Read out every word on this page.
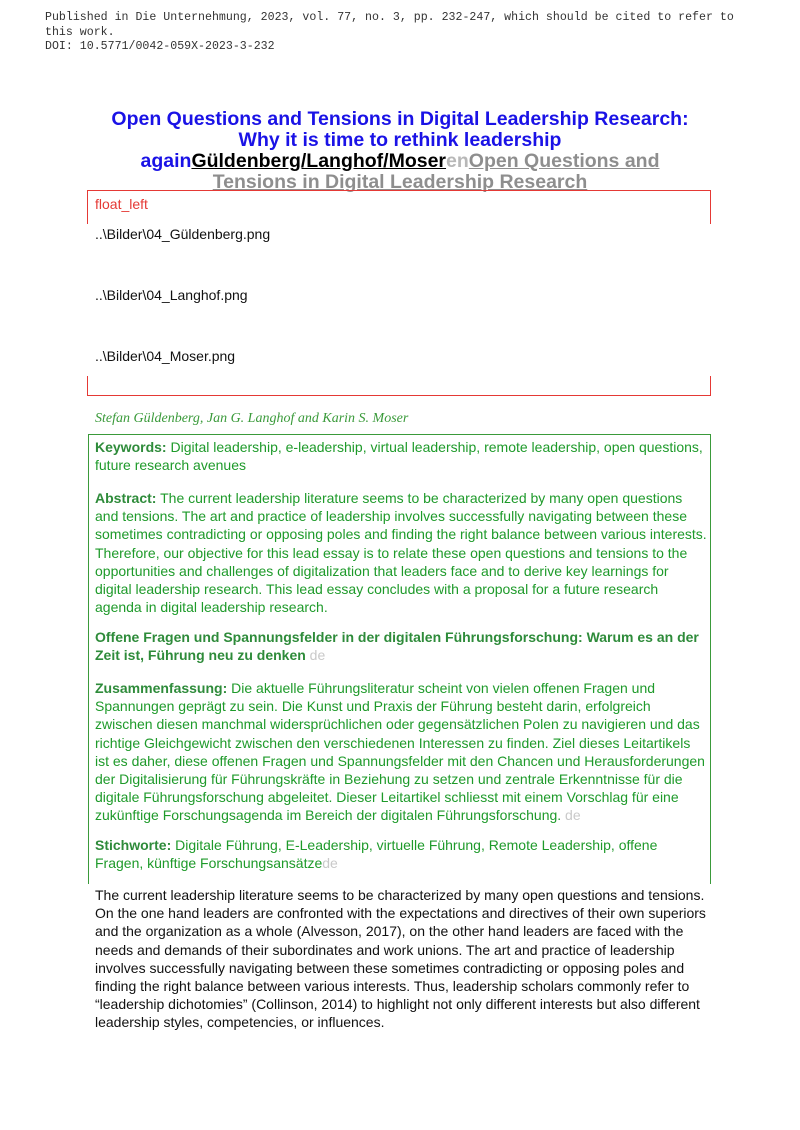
Published in Die Unternehmung, 2023, vol. 77, no. 3, pp. 232-247, which should be cited to refer to
this work.
DOI: 10.5771/0042-059X-2023-3-232
Open Questions and Tensions in Digital Leadership Research: Why it is time to rethink leadership againGüldenberg/Langhof/MoserenOpen Questions and Tensions in Digital Leadership Research
float_left
..\Bilder\04_Güldenberg.png
..\Bilder\04_Langhof.png
..\Bilder\04_Moser.png
Stefan Güldenberg, Jan G. Langhof and Karin S. Moser
Keywords: Digital leadership, e-leadership, virtual leadership, remote leadership, open questions, future research avenues
Abstract: The current leadership literature seems to be characterized by many open questions and tensions. The art and practice of leadership involves successfully navigating between these sometimes contradicting or opposing poles and finding the right balance between various interests. Therefore, our objective for this lead essay is to relate these open questions and tensions to the opportunities and challenges of digitalization that leaders face and to derive key learnings for digital leadership research. This lead essay concludes with a proposal for a future research agenda in digital leadership research.
Offene Fragen und Spannungsfelder in der digitalen Führungsforschung: Warum es an der Zeit ist, Führung neu zu denken de
Zusammenfassung: Die aktuelle Führungsliteratur scheint von vielen offenen Fragen und Spannungen geprägt zu sein. Die Kunst und Praxis der Führung besteht darin, erfolgreich zwischen diesen manchmal widersprüchlichen oder gegensätzlichen Polen zu navigieren und das richtige Gleichgewicht zwischen den verschiedenen Interessen zu finden. Ziel dieses Leitartikels ist es daher, diese offenen Fragen und Spannungsfelder mit den Chancen und Herausforderungen der Digitalisierung für Führungskräfte in Beziehung zu setzen und zentrale Erkenntnisse für die digitale Führungsforschung abgeleitet. Dieser Leitartikel schliesst mit einem Vorschlag für eine zukünftige Forschungsagenda im Bereich der digitalen Führungsforschung. de
Stichworte: Digitale Führung, E-Leadership, virtuelle Führung, Remote Leadership, offene Fragen, künftige Forschungsansätzede
The current leadership literature seems to be characterized by many open questions and tensions. On the one hand leaders are confronted with the expectations and directives of their own superiors and the organization as a whole (Alvesson, 2017), on the other hand leaders are faced with the needs and demands of their subordinates and work unions. The art and practice of leadership involves successfully navigating between these sometimes contradicting or opposing poles and finding the right balance between various interests. Thus, leadership scholars commonly refer to “leadership dichotomies” (Collinson, 2014) to highlight not only different interests but also different leadership styles, competencies, or influences.
